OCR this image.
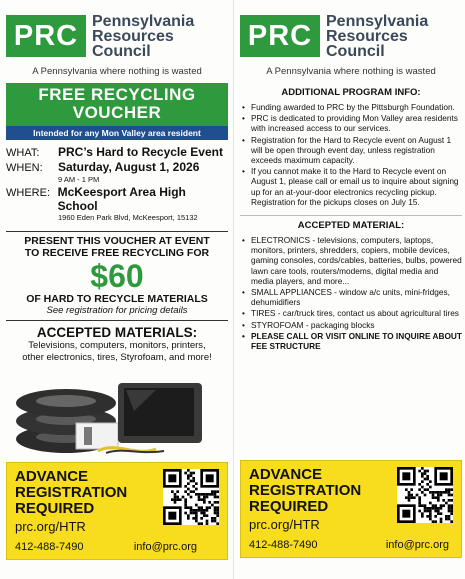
PRC Pennsylvania
Resources
Council
A Pennsylvania where nothing is wasted
FREE RECYCLING
VOUCHER
Intended for any Mon Valley area resident
WHAT:	PRC’s Hard to Recycle Event
WHEN:	Saturday, August 1, 2026
9 AM - 1 PM
WHERE: McKeesport Area High School
1960 Eden Park Blvd, McKeesport, 15132
PRESENT THIS VOUCHER AT EVENT
TO RECEIVE FREE RECYCLING FOR
$60
OF HARD TO RECYCLE MATERIALS
See registration for pricing details
ACCEPTED MATERIALS:
Televisions, computers, monitors, printers,
other electronics, tires, Styrofoam, and more!
ADVANCE
REGISTRATION
REQUIRED
prc.org/HTR
412-488-7490	info@prc.org
PRC Pennsylvania
Resources
Council
A Pennsylvania where nothing is wasted
ADDITIONAL PROGRAM INFO:
• Funding awarded to PRC by the Pittsburgh Foundation.
• PRC is dedicated to providing Mon Valley area residents with increased access to our services.
• Registration for the Hard to Recycle event on August 1 will be open through event day, unless registration exceeds maximum capacity.
• If you cannot make it to the Hard to Recycle event on August 1, please call or email us to inquire about signing up for an at-your-door electronics recycling pickup. Registration for the pickups closes on July 15.
ACCEPTED MATERIAL:
• ELECTRONICS - televisions, computers, laptops, monitors, printers, shredders, copiers, mobile devices, gaming consoles, cords/cables, batteries, bulbs, powered lawn care tools, routers/modems, digital media and media players, and more...
• SMALL APPLIANCES - window a/c units, mini-fridges, dehumidifiers
• TIRES - car/truck tires, contact us about agricultural tires
• STYROFOAM - packaging blocks
• PLEASE CALL OR VISIT ONLINE TO INQUIRE ABOUT FEE STRUCTURE
ADVANCE
REGISTRATION
REQUIRED
prc.org/HTR
412-488-7490	info@prc.org
